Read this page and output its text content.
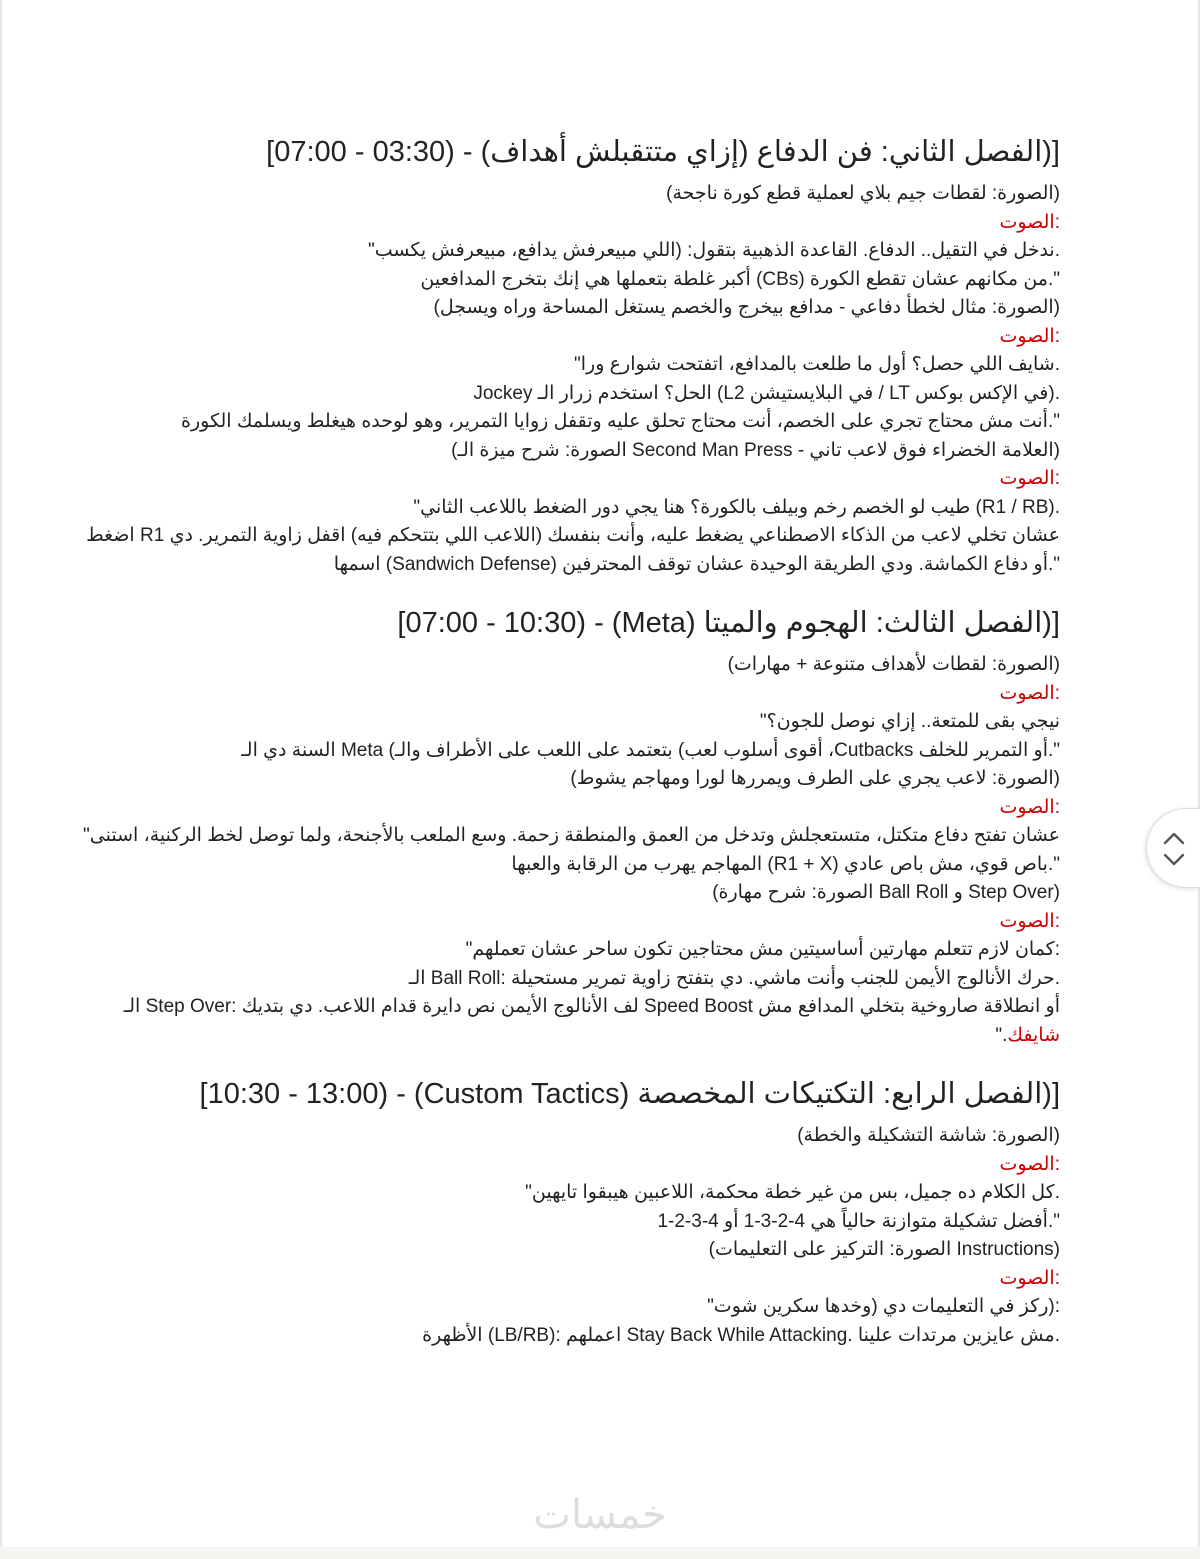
[(الفصل الثاني: فن الدفاع (إزاي متتقبلش أهداف) - (03:30 - 07:00]

(الصورة: لقطات جيم بلاي لعملية قطع كورة ناجحة)

:الصوت

.ندخل في التقيل.. الدفاع. القاعدة الذهبية بتقول: (اللي مبيعرفش يدافع، مبيعرفش يكسب"

".من مكانهم عشان تقطع الكورة (CBs) أكبر غلطة بتعملها هي إنك بتخرج المدافعين

(الصورة: مثال لخطأ دفاعي - مدافع بيخرج والخصم يستغل المساحة وراه ويسجل)

:الصوت

.شايف اللي حصل؟ أول ما طلعت بالمدافع، اتفتحت شوارع ورا"

.(في الإكس بوكس LT / في البلايستيشن L2) الحل؟ استخدم زرار الـ Jockey

".أنت مش محتاج تجري على الخصم، أنت محتاج تحلق عليه وتقفل زوايا التمرير، وهو لوحده هيغلط ويسلمك الكورة

(العلامة الخضراء فوق لاعب تاني - Second Man Press الصورة: شرح ميزة الـ)

:الصوت

.(R1 / RB) طيب لو الخصم رخم وبيلف بالكورة؟ هنا يجي دور الضغط باللاعب الثاني"

عشان تخلي لاعب من الذكاء الاصطناعي يضغط عليه، وأنت بنفسك (اللاعب اللي بتتحكم فيه) اقفل زاوية التمرير. دي R1 اضغط

".أو دفاع الكماشة. ودي الطريقة الوحيدة عشان توقف المحترفين (Sandwich Defense) اسمها

[(الفصل الثالث: الهجوم والميتا (Meta) - (07:00 - 10:30]

(الصورة: لقطات لأهداف متنوعة + مهارات)

:الصوت

نيجي بقى للمتعة.. إزاي نوصل للجون؟"

".أو التمرير للخلف Cutbacks، أقوى أسلوب لعب) بتعتمد على اللعب على الأطراف والـ) Meta السنة دي الـ

(الصورة: لاعب يجري على الطرف ويمررها لورا ومهاجم يشوط)

:الصوت

عشان تفتح دفاع متكتل، متستعجلش وتدخل من العمق والمنطقة زحمة. وسع الملعب بالأجنحة، ولما توصل لخط الركنية، استنى"

".باص قوي، مش باص عادي (R1 + X) المهاجم يهرب من الرقابة والعبها

(Step Over و Ball Roll الصورة: شرح مهارة)

:الصوت

:كمان لازم تتعلم مهارتين أساسيتين مش محتاجين تكون ساحر عشان تعملهم"

.حرك الأنالوج الأيمن للجنب وأنت ماشي. دي بتفتح زاوية تمرير مستحيلة :Ball Roll الـ

أو انطلاقة صاروخية بتخلي المدافع مش Speed Boost لف الأنالوج الأيمن نص دايرة قدام اللاعب. دي بتديك :Step Over الـ

شايفك."

[(الفصل الرابع: التكتيكات المخصصة (Custom Tactics) - (10:30 - 13:00]

(الصورة: شاشة التشكيلة والخطة)

:الصوت

.كل الكلام ده جميل، بس من غير خطة محكمة، اللاعبين هيبقوا تايهين"

".أفضل تشكيلة متوازنة حالياً هي 4-2-3-1 أو 4-3-2-1

(Instructions الصورة: التركيز على التعليمات)

:الصوت

:(ركز في التعليمات دي (وخدها سكرين شوت"

.مش عايزين مرتدات علينا .Stay Back While Attacking اعملهم :(LB/RB) الأظهرة

خمسات
